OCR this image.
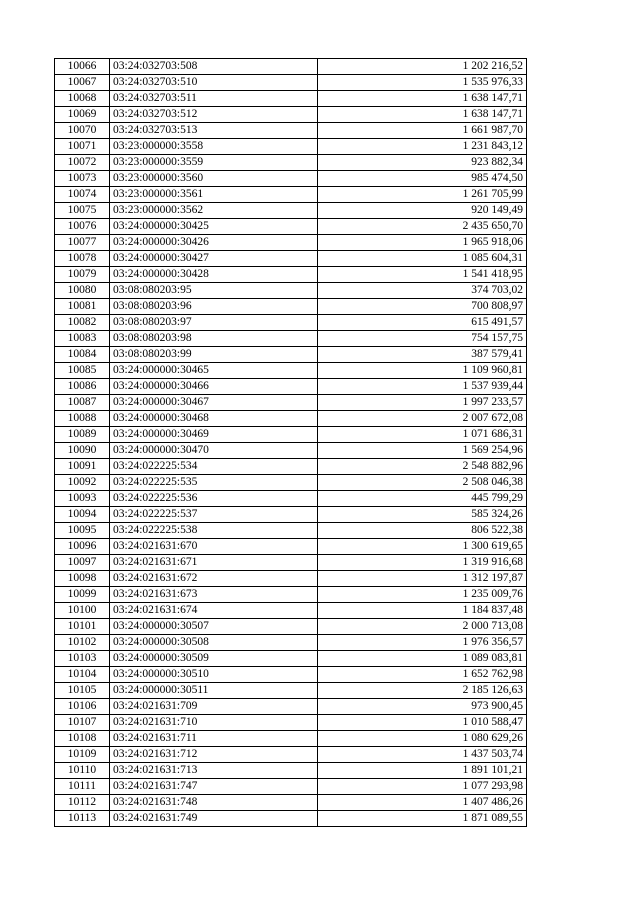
10066	03:24:032703:508	1 202 216,52
10067	03:24:032703:510	1 535 976,33
10068	03:24:032703:511	1 638 147,71
10069	03:24:032703:512	1 638 147,71
10070	03:24:032703:513	1 661 987,70
10071	03:23:000000:3558	1 231 843,12
10072	03:23:000000:3559	923 882,34
10073	03:23:000000:3560	985 474,50
10074	03:23:000000:3561	1 261 705,99
10075	03:23:000000:3562	920 149,49
10076	03:24:000000:30425	2 435 650,70
10077	03:24:000000:30426	1 965 918,06
10078	03:24:000000:30427	1 085 604,31
10079	03:24:000000:30428	1 541 418,95
10080	03:08:080203:95	374 703,02
10081	03:08:080203:96	700 808,97
10082	03:08:080203:97	615 491,57
10083	03:08:080203:98	754 157,75
10084	03:08:080203:99	387 579,41
10085	03:24:000000:30465	1 109 960,81
10086	03:24:000000:30466	1 537 939,44
10087	03:24:000000:30467	1 997 233,57
10088	03:24:000000:30468	2 007 672,08
10089	03:24:000000:30469	1 071 686,31
10090	03:24:000000:30470	1 569 254,96
10091	03:24:022225:534	2 548 882,96
10092	03:24:022225:535	2 508 046,38
10093	03:24:022225:536	445 799,29
10094	03:24:022225:537	585 324,26
10095	03:24:022225:538	806 522,38
10096	03:24:021631:670	1 300 619,65
10097	03:24:021631:671	1 319 916,68
10098	03:24:021631:672	1 312 197,87
10099	03:24:021631:673	1 235 009,76
10100	03:24:021631:674	1 184 837,48
10101	03:24:000000:30507	2 000 713,08
10102	03:24:000000:30508	1 976 356,57
10103	03:24:000000:30509	1 089 083,81
10104	03:24:000000:30510	1 652 762,98
10105	03:24:000000:30511	2 185 126,63
10106	03:24:021631:709	973 900,45
10107	03:24:021631:710	1 010 588,47
10108	03:24:021631:711	1 080 629,26
10109	03:24:021631:712	1 437 503,74
10110	03:24:021631:713	1 891 101,21
10111	03:24:021631:747	1 077 293,98
10112	03:24:021631:748	1 407 486,26
10113	03:24:021631:749	1 871 089,55
